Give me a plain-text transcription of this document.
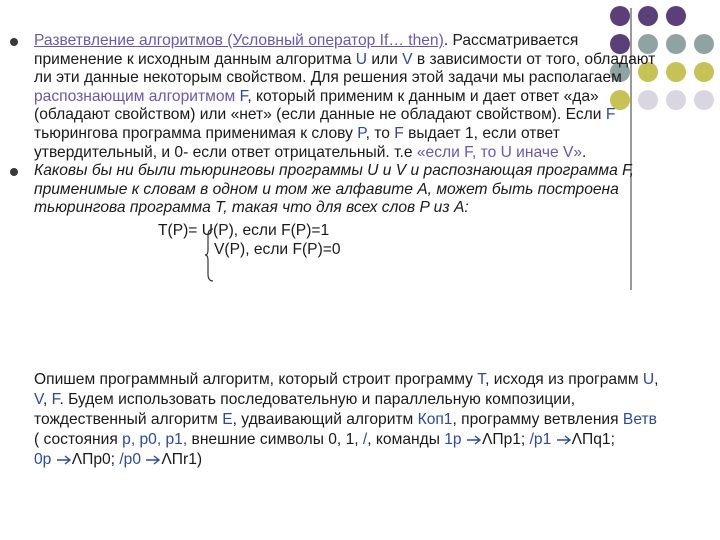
Разветвление алгоритмов (Условный оператор If… then). Рассматривается применение к исходным данным алгоритма U или V в зависимости от того, обладают ли эти данные некоторым свойством. Для решения этой задачи мы располагаем распознающим алгоритмом F, который применим к данным и дает ответ «да» (обладают свойством) или «нет» (если данные не обладают свойством). Если F тьюринговa программа применимая к слову P, то F выдает 1, если ответ утвердительный, и 0- если ответ отрицательный. т.е «если F, то U иначе V».
Каковы бы ни были тьюринговы программы U и V и распознающая программа F, применимые к словам в одном и том же алфавите А, может быть построена тьюрингова программа T, такая что для всех слов P из А:
T(P)= U(P), если F(P)=1
V(P), если F(P)=0
Опишем программный алгоритм, который строит программу T, исходя из программ U, V, F. Будем использовать последовательную и параллельную композиции, тождественный алгоритм E, удваивающий алгоритм Коп1, программу ветвления Ветв ( состояния р, р0, р1, внешние символы 0, 1, /, команды 1р ΛПр1; /р1 ΛПq1;
0р ΛПр0; /р0 ΛПr1)
